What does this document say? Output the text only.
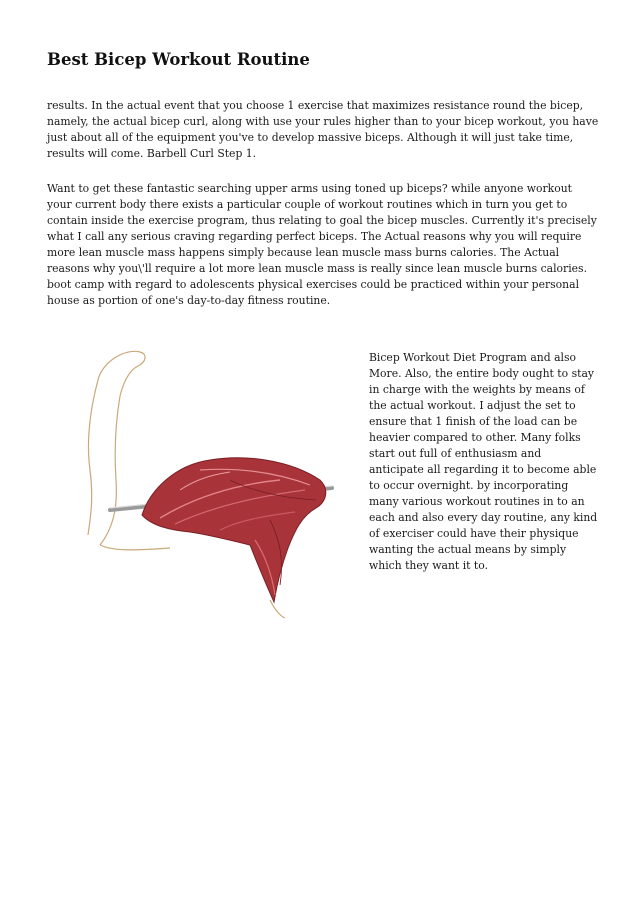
Best Bicep Workout Routine

results. In the actual event that you choose 1 exercise that maximizes resistance round the bicep, namely, the actual bicep curl, along with use your rules higher than to your bicep workout, you have just about all of the equipment you've to develop massive biceps. Although it will just take time, results will come. Barbell Curl Step 1.

Want to get these fantastic searching upper arms using toned up biceps? while anyone workout your current body there exists a particular couple of workout routines which in turn you get to contain inside the exercise program, thus relating to goal the bicep muscles. Currently it's precisely what I call any serious craving regarding perfect biceps. The Actual reasons why you will require more lean muscle mass happens simply because lean muscle mass burns calories. The Actual reasons why you\'ll require a lot more lean muscle mass is really since lean muscle burns calories. boot camp with regard to adolescents physical exercises could be practiced within your personal house as portion of one's day-to-day fitness routine.

Bicep Workout Diet Program and also More. Also, the entire body ought to stay in charge with the weights by means of the actual workout. I adjust the set to ensure that 1 finish of the load can be heavier compared to other. Many folks start out full of enthusiasm and anticipate all regarding it to become able to occur overnight. by incorporating many various workout routines in to an each and also every day routine, any kind of exerciser could have their physique wanting the actual means by simply which they want it to.
